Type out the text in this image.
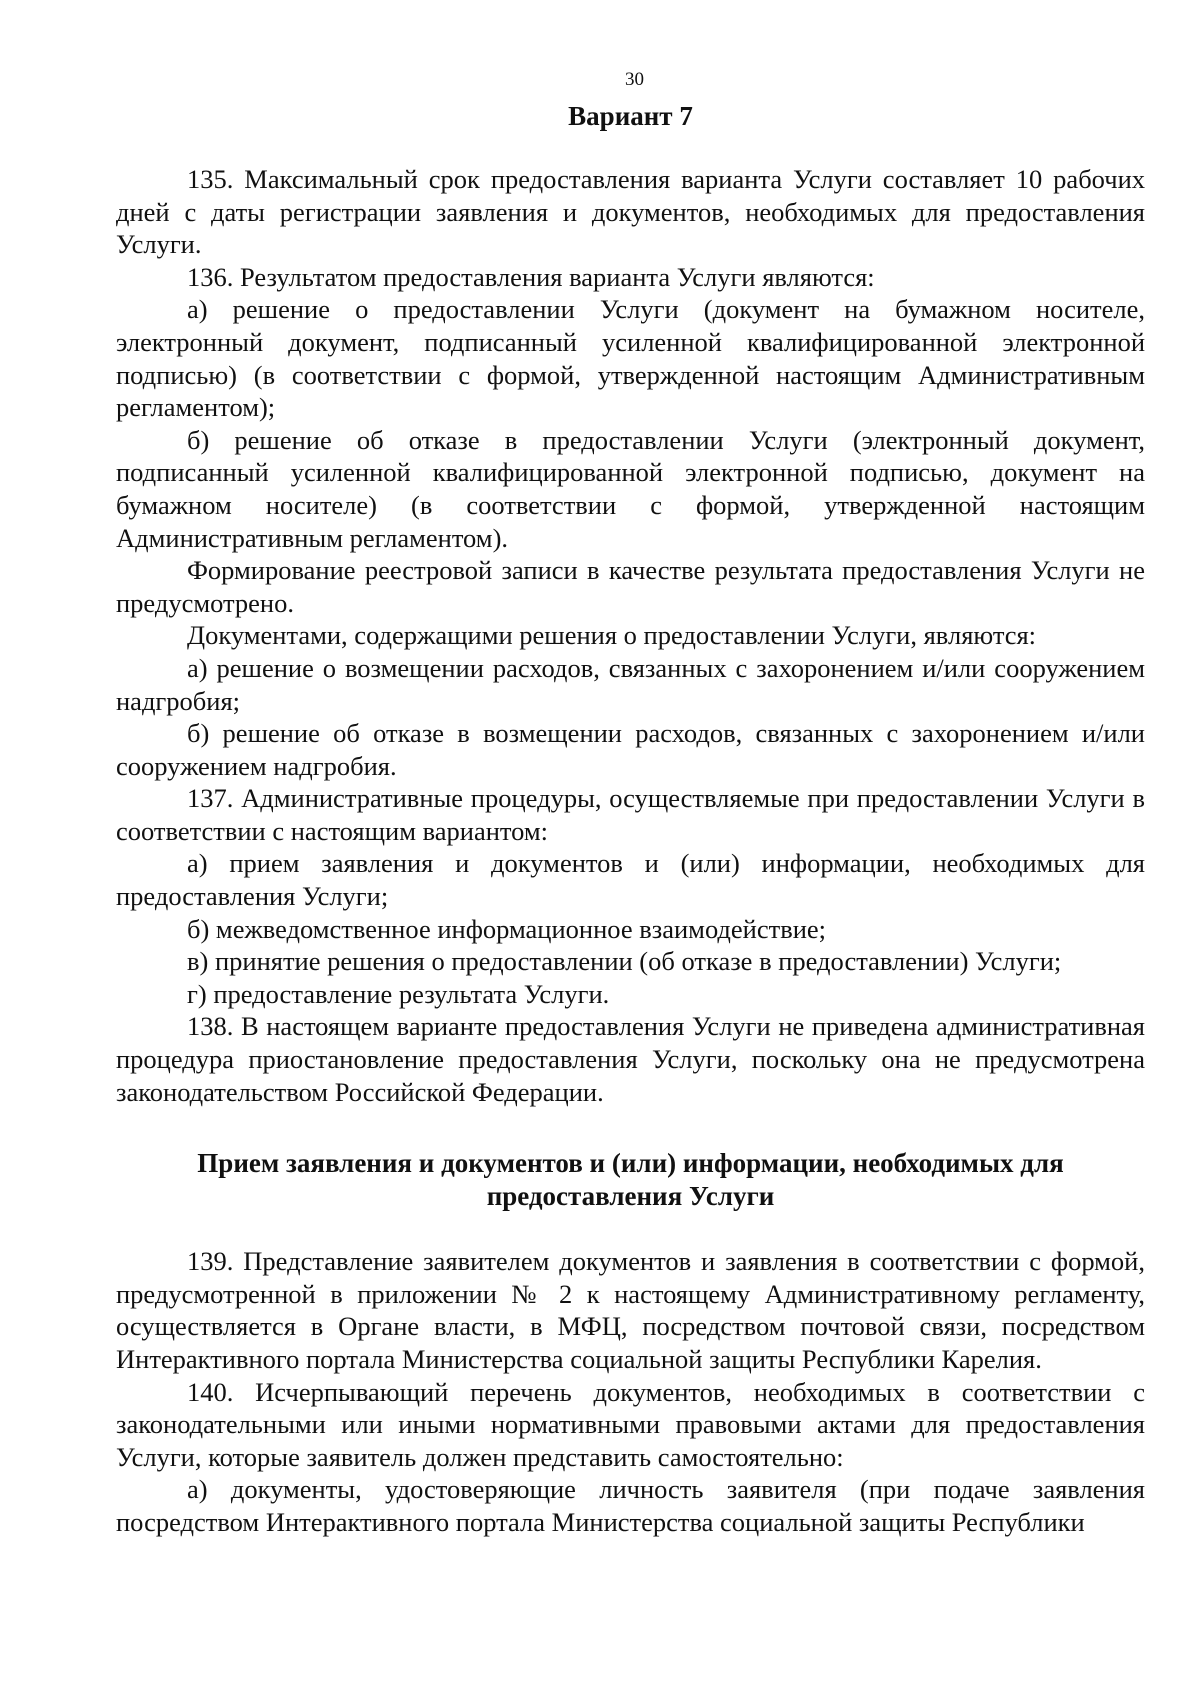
30
Вариант 7

135. Максимальный срок предоставления варианта Услуги составляет 10 рабочих дней с даты регистрации заявления и документов, необходимых для предоставления Услуги.

136. Результатом предоставления варианта Услуги являются:

а) решение о предоставлении Услуги (документ на бумажном носителе, электронный документ, подписанный усиленной квалифицированной электронной подписью) (в соответствии с формой, утвержденной настоящим Административным регламентом);

б) решение об отказе в предоставлении Услуги (электронный документ, подписанный усиленной квалифицированной электронной подписью, документ на бумажном носителе) (в соответствии с формой, утвержденной настоящим Административным регламентом).

Формирование реестровой записи в качестве результата предоставления Услуги не предусмотрено.

Документами, содержащими решения о предоставлении Услуги, являются:

а) решение о возмещении расходов, связанных с захоронением и/или сооружением надгробия;

б) решение об отказе в возмещении расходов, связанных с захоронением и/или сооружением надгробия.

137. Административные процедуры, осуществляемые при предоставлении Услуги в соответствии с настоящим вариантом:

а) прием заявления и документов и (или) информации, необходимых для предоставления Услуги;

б) межведомственное информационное взаимодействие;

в) принятие решения о предоставлении (об отказе в предоставлении) Услуги;

г) предоставление результата Услуги.

138. В настоящем варианте предоставления Услуги не приведена административная процедура приостановление предоставления Услуги, поскольку она не предусмотрена законодательством Российской Федерации.

Прием заявления и документов и (или) информации, необходимых для предоставления Услуги

139. Представление заявителем документов и заявления в соответствии с формой, предусмотренной в приложении № 2 к настоящему Административному регламенту, осуществляется в Органе власти, в МФЦ, посредством почтовой связи, посредством Интерактивного портала Министерства социальной защиты Республики Карелия.

140. Исчерпывающий перечень документов, необходимых в соответствии с законодательными или иными нормативными правовыми актами для предоставления Услуги, которые заявитель должен представить самостоятельно:

а) документы, удостоверяющие личность заявителя (при подаче заявления посредством Интерактивного портала Министерства социальной защиты Республики
